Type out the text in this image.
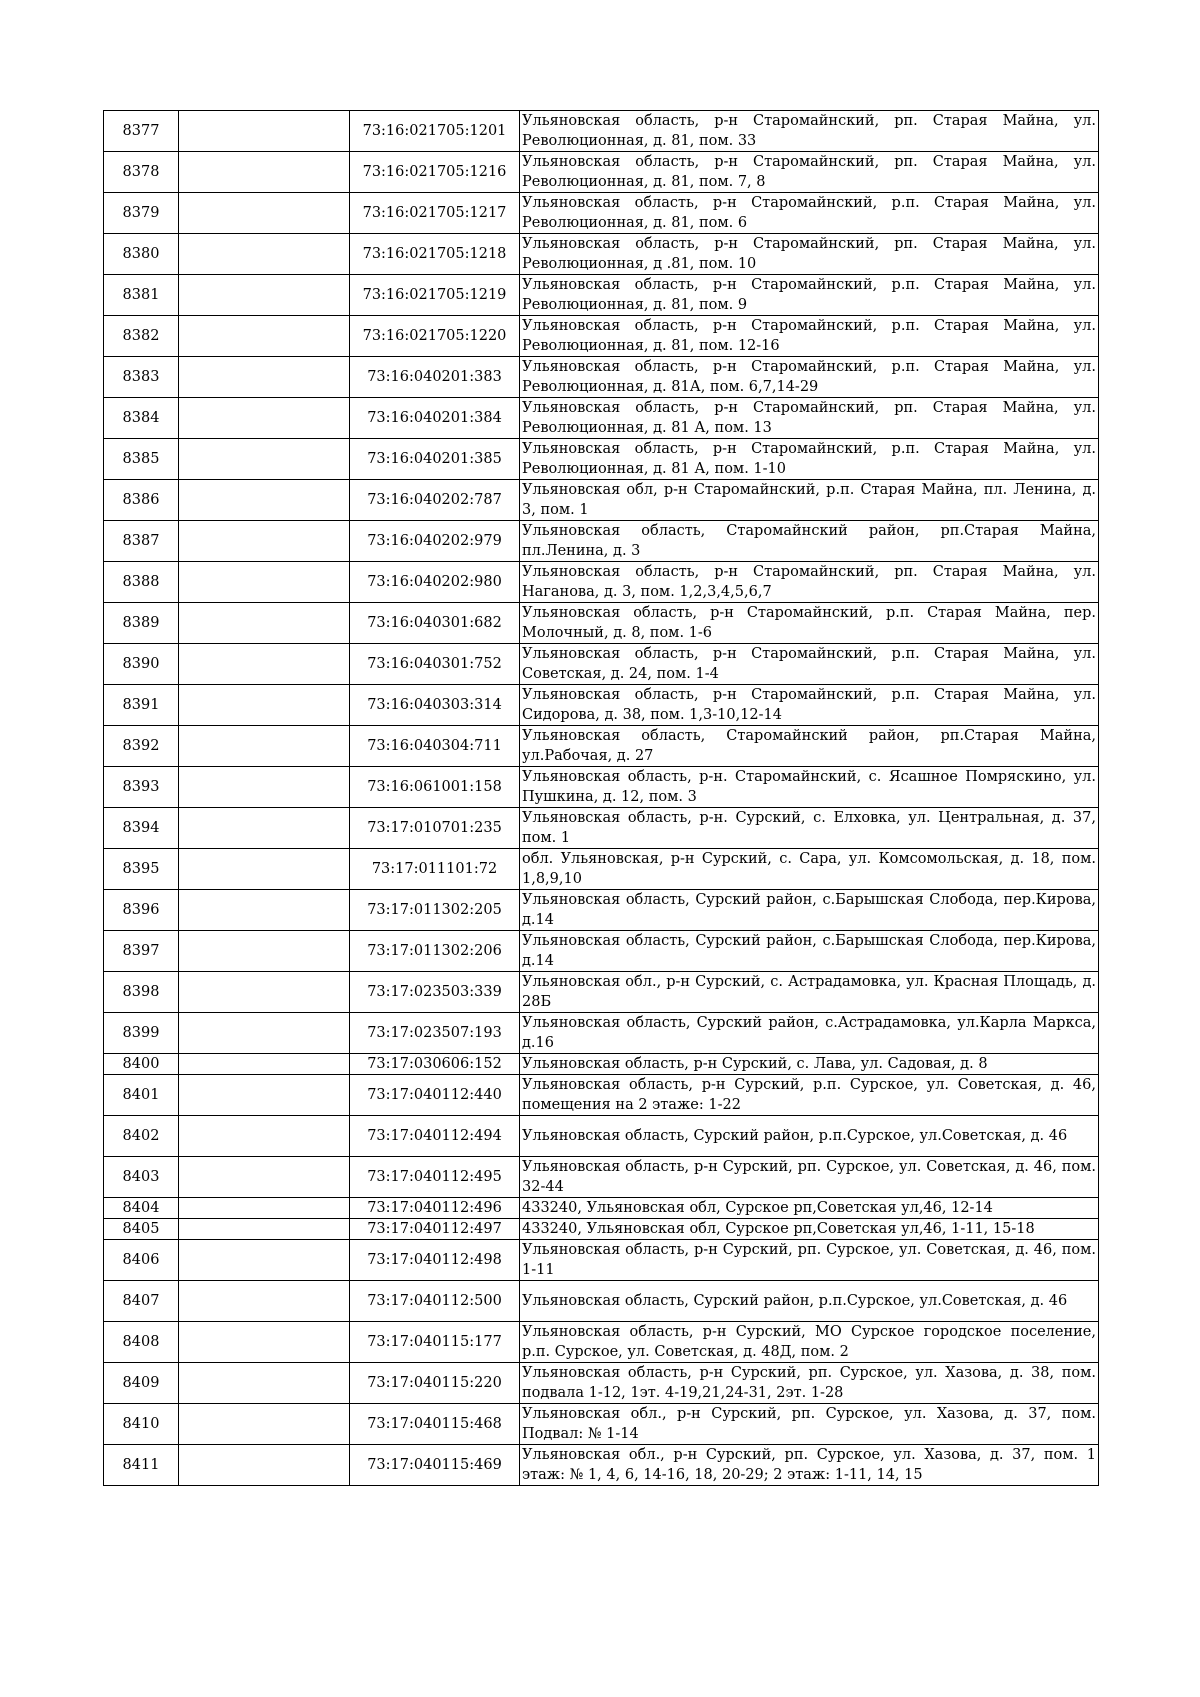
8377		73:16:021705:1201	Ульяновская область, р-н Старомайнский, рп. Старая Майна, ул. Революционная, д. 81, пом. 33
8378		73:16:021705:1216	Ульяновская область, р-н Старомайнский, рп. Старая Майна, ул. Революционная, д. 81, пом. 7, 8
8379		73:16:021705:1217	Ульяновская область, р-н Старомайнский, р.п. Старая Майна, ул. Революционная, д. 81, пом. 6
8380		73:16:021705:1218	Ульяновская область, р-н Старомайнский, рп. Старая Майна, ул. Революционная, д .81, пом. 10
8381		73:16:021705:1219	Ульяновская область, р-н Старомайнский, р.п. Старая Майна, ул. Революционная, д. 81, пом. 9
8382		73:16:021705:1220	Ульяновская область, р-н Старомайнский, р.п. Старая Майна, ул. Революционная, д. 81, пом. 12-16
8383		73:16:040201:383	Ульяновская область, р-н Старомайнский, р.п. Старая Майна, ул. Революционная, д. 81А, пом. 6,7,14-29
8384		73:16:040201:384	Ульяновская область, р-н Старомайнский, рп. Старая Майна, ул. Революционная, д. 81 А, пом. 13
8385		73:16:040201:385	Ульяновская область, р-н Старомайнский, р.п. Старая Майна, ул. Революционная, д. 81 А, пом. 1-10
8386		73:16:040202:787	Ульяновская обл, р-н Старомайнский, р.п. Старая Майна, пл. Ленина, д. 3, пом. 1
8387		73:16:040202:979	Ульяновская область, Старомайнский район, рп.Старая Майна, пл.Ленина, д. 3
8388		73:16:040202:980	Ульяновская область, р-н Старомайнский, рп. Старая Майна, ул. Наганова, д. 3, пом. 1,2,3,4,5,6,7
8389		73:16:040301:682	Ульяновская область, р-н Старомайнский, р.п. Старая Майна, пер. Молочный, д. 8, пом. 1-6
8390		73:16:040301:752	Ульяновская область, р-н Старомайнский, р.п. Старая Майна, ул. Советская, д. 24, пом. 1-4
8391		73:16:040303:314	Ульяновская область, р-н Старомайнский, р.п. Старая Майна, ул. Сидорова, д. 38, пом. 1,3-10,12-14
8392		73:16:040304:711	Ульяновская область, Старомайнский район, рп.Старая Майна, ул.Рабочая, д. 27
8393		73:16:061001:158	Ульяновская область, р-н. Старомайнский, с. Ясашное Помряскино, ул. Пушкина, д. 12, пом. 3
8394		73:17:010701:235	Ульяновская область, р-н. Сурский, с. Елховка, ул. Центральная, д. 37, пом. 1
8395		73:17:011101:72	обл. Ульяновская, р-н Сурский, с. Сара, ул. Комсомольская, д. 18, пом. 1,8,9,10
8396		73:17:011302:205	Ульяновская область, Сурский район, с.Барышская Слобода, пер.Кирова, д.14
8397		73:17:011302:206	Ульяновская область, Сурский район, с.Барышская Слобода, пер.Кирова, д.14
8398		73:17:023503:339	Ульяновская обл., р-н Сурский, с. Астрадамовка, ул. Красная Площадь, д. 28Б
8399		73:17:023507:193	Ульяновская область, Сурский район, с.Астрадамовка, ул.Карла Маркса, д.16
8400		73:17:030606:152	Ульяновская область, р-н Сурский, с. Лава, ул. Садовая, д. 8
8401		73:17:040112:440	Ульяновская область, р-н Сурский, р.п. Сурское, ул. Советская, д. 46, помещения на 2 этаже: 1-22
8402		73:17:040112:494	Ульяновская область, Сурский район, р.п.Сурское, ул.Советская, д. 46
8403		73:17:040112:495	Ульяновская область, р-н Сурский, рп. Сурское, ул. Советская, д. 46, пом. 32-44
8404		73:17:040112:496	433240, Ульяновская обл, Сурское рп,Советская ул,46, 12-14
8405		73:17:040112:497	433240, Ульяновская обл, Сурское рп,Советская ул,46, 1-11, 15-18
8406		73:17:040112:498	Ульяновская область, р-н Сурский, рп. Сурское, ул. Советская, д. 46, пом. 1-11
8407		73:17:040112:500	Ульяновская область, Сурский район, р.п.Сурское, ул.Советская, д. 46
8408		73:17:040115:177	Ульяновская область, р-н Сурский, МО Сурское городское поселение, р.п. Сурское, ул. Советская, д. 48Д, пом. 2
8409		73:17:040115:220	Ульяновская область, р-н Сурский, рп. Сурское, ул. Хазова, д. 38, пом. подвала 1-12, 1эт. 4-19,21,24-31, 2эт. 1-28
8410		73:17:040115:468	Ульяновская обл., р-н Сурский, рп. Сурское, ул. Хазова, д. 37, пом. Подвал: № 1-14
8411		73:17:040115:469	Ульяновская обл., р-н Сурский, рп. Сурское, ул. Хазова, д. 37, пом. 1 этаж: № 1, 4, 6, 14-16, 18, 20-29; 2 этаж: 1-11, 14, 15
